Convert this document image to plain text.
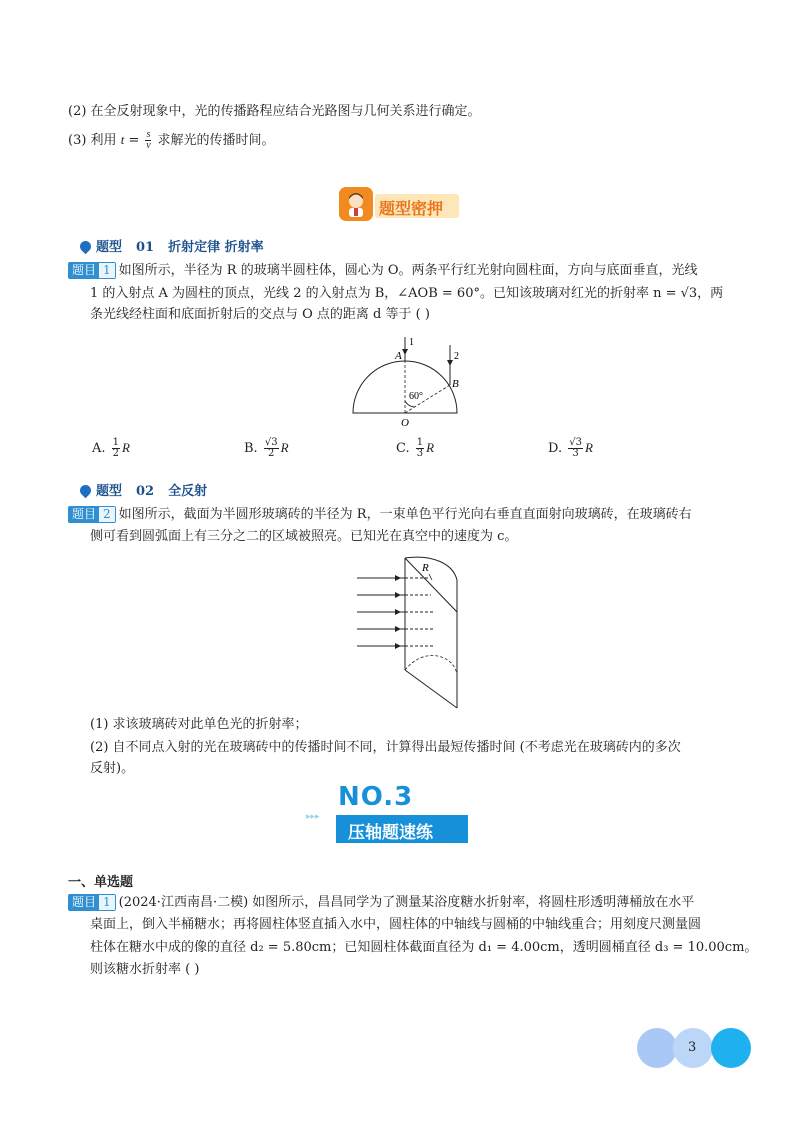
(2) 在全反射现象中，光的传播路程应结合光路图与几何关系进行确定。
(3) 利用 $t = \frac{s}{v}$ 求解光的传播时间。
题型密押
题型 01 折射定律 折射率
题目 1 如图所示，半径为 R 的玻璃半圆柱体，圆心为 O。两条平行红光射向圆柱面，方向与底面垂直，光线
1 的入射点 A 为圆柱的顶点，光线 2 的入射点为 B，∠AOB = 60°。已知该玻璃对红光的折射率 n = √3，两
条光线经柱面和底面折射后的交点与 O 点的距离 d 等于 ( )
A
1
2
B
60°
O
A. $\frac{1}{2}$ R	B. $\frac{√3}{2}$ R	C. $\frac{1}{3}$ R	D. $\frac{√3}{3}$ R
题型 02 全反射
题目 2 如图所示，截面为半圆形玻璃砖的半径为 R，一束单色平行光向右垂直直面射向玻璃砖，在玻璃砖右
侧可看到圆弧面上有三分之二的区域被照亮。已知光在真空中的速度为 c。
R
(1) 求该玻璃砖对此单色光的折射率；
(2) 自不同点入射的光在玻璃砖中的传播时间不同，计算得出最短传播时间 (不考虑光在玻璃砖内的多次
反射)。
▸▸▸
NO.3
压轴题速练
一、单选题
题目 1 (2024·江西南昌·二模) 如图所示，昌昌同学为了测量某浴度糖水折射率，将圆柱形透明薄桶放在水平
桌面上，倒入半桶糖水；再将圆柱体竖直插入水中，圆柱体的中轴线与圆桶的中轴线重合；用刻度尺测量圆
柱体在糖水中成的像的直径 d₂ = 5.80cm；已知圆柱体截面直径为 d₁ = 4.00cm，透明圆桶直径 d₃ = 10.00cm。
则该糖水折射率 ( )
3
